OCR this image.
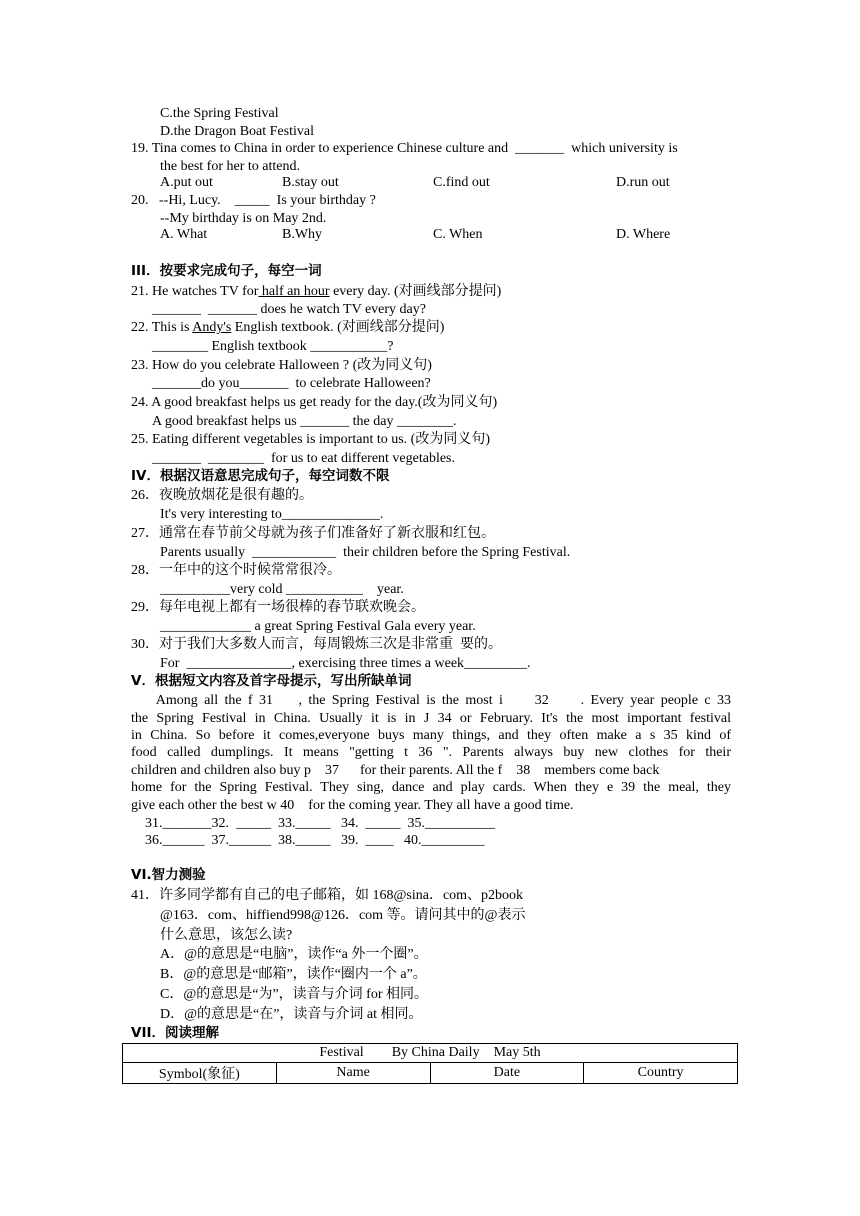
C.the Spring Festival
D.the Dragon Boat Festival
19. Tina comes to China in order to experience Chinese culture and  _______  which university is
the best for her to attend.
A.put out	B.stay out	C.find out	D.run out
20.   --Hi, Lucy.    _____  Is your birthday ?
--My birthday is on May 2nd.
A. What	B.Why	C. When	D. Where
III．按要求完成句子，每空一词
21. He watches TV for half an hour every day. (对画线部分提问)
_______  _______ does he watch TV every day?
22. This is Andy's English textbook. (对画线部分提问)
________ English textbook ___________?
23. How do you celebrate Halloween ? (改为同义句)
_______do you_______  to celebrate Halloween?
24. A good breakfast helps us get ready for the day.(改为同义句)
A good breakfast helps us _______ the day ________.
25. Eating different vegetables is important to us. (改为同义句)
_______  ________  for us to eat different vegetables.
IV．根据汉语意思完成句子，每空词数不限
26．夜晚放烟花是很有趣的。
It's very interesting to______________.
27．通常在春节前父母就为孩子们准备好了新衣服和红包。
Parents usually  ____________  their children before the Spring Festival.
28．一年中的这个时候常常很冷。
__________very cold ___________    year.
29．每年电视上都有一场很棒的春节联欢晚会。
_____________ a great Spring Festival Gala every year.
30．对于我们大多数人而言，每周锻炼三次是非常重  要的。
For  _______________, exercising three times a week_________.
V．根据短文内容及首字母提示，写出所缺单词
Among all the f 31    , the Spring Festival is the most i     32     . Every year people c 33
the Spring Festival in China. Usually it is in J 34 or February. It's the most important festival
in China. So before it comes,everyone buys many things, and they often make a s 35 kind of
food called dumplings. It means "getting t 36 ". Parents always buy new clothes for their
children and children also buy p    37      for their parents. All the f    38    members come back
home for the Spring Festival. They sing, dance and play cards. When they e 39 the meal, they
give each other the best w 40    for the coming year. They all have a good time.
31._______32.  _____  33._____   34.  _____  35.__________
36.______  37.______  38._____   39.  ____   40._________
VI.智力测验
41．许多同学都有自己的电子邮箱，如 168@sina．com、p2book
@163．com、hiffiend998@126．com 等。请问其中的@表示
什么意思，该怎么读?
A．@的意思是“电脑”，读作“a 外一个圈”。
B．@的意思是“邮箱”，读作“圈内一个 a”。
C．@的意思是“为”，读音与介词 for 相同。
D．@的意思是“在”，读音与介词 at 相同。
VII．阅读理解
Festival        By China Daily    May 5th
Symbol(象征)	Name	Date	Country
